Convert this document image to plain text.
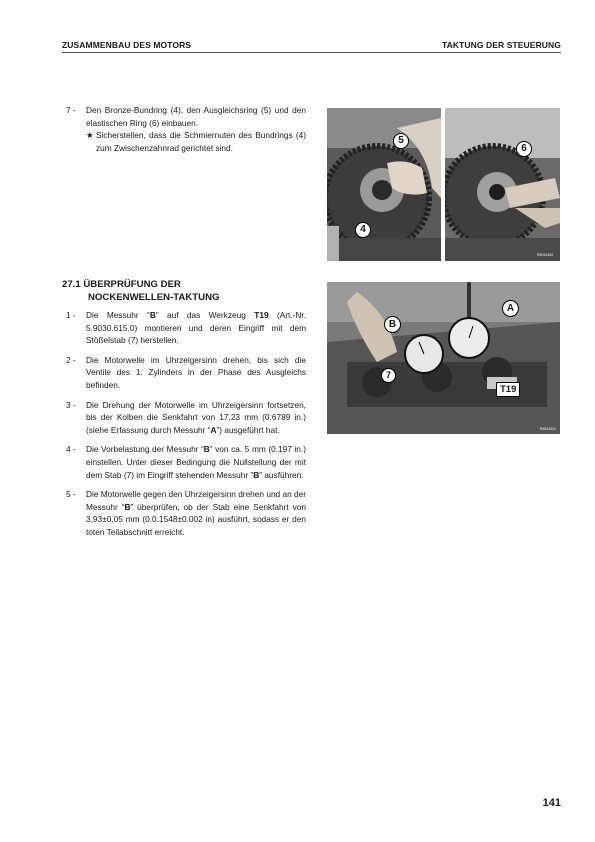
ZUSAMMENBAU DES MOTORS	TAKTUNG DER STEUERUNG
7 -	Den Bronze-Bundring (4), den Ausgleichsring (5) und den elastischen Ring (6) einbauen.
★ Sicherstellen, dass die Schmiernuten des Bundrings (4) zum Zwischenzahnrad gerichtet sind.
5
4
6
R9013420
27.1 ÜBERPRÜFUNG DER
NOCKENWELLEN-TAKTUNG
A
B
7
T19
R9013011
1 -	Die Messuhr “B” auf das Werkzeug T19 (Art.-Nr. 5.9030.615.0) montieren und deren Eingriff mit dem Stößelstab (7) herstellen.
2 -	Die Motorwelle im Uhrzeigersinn drehen, bis sich die Ventile des 1. Zylinders in der Phase des Ausgleichs befinden.
3 -	Die Drehung der Motorwelle im Uhrzeigersinn fortsetzen, bis der Kolben die Senkfahrt von 17,23 mm (0.6789 in.) (siehe Erfassung durch Messuhr “A”) ausgeführt hat.
4 -	Die Vorbelastung der Messuhr “B” von ca. 5 mm (0.197 in.) einstellen. Unter dieser Bedingung die Nullstellung der mit dem Stab (7) im Eingriff stehenden Messuhr ”B” ausführen.
5 -	Die Motorwelle gegen den Uhrzeigersinn drehen und an der Messuhr “B” überprüfen, ob der Stab eine Senkfahrt von 3,93±0,05 mm (0.0.1548±0.002 in) ausführt, sodass er den toten Teilabschnitt erreicht.
141
